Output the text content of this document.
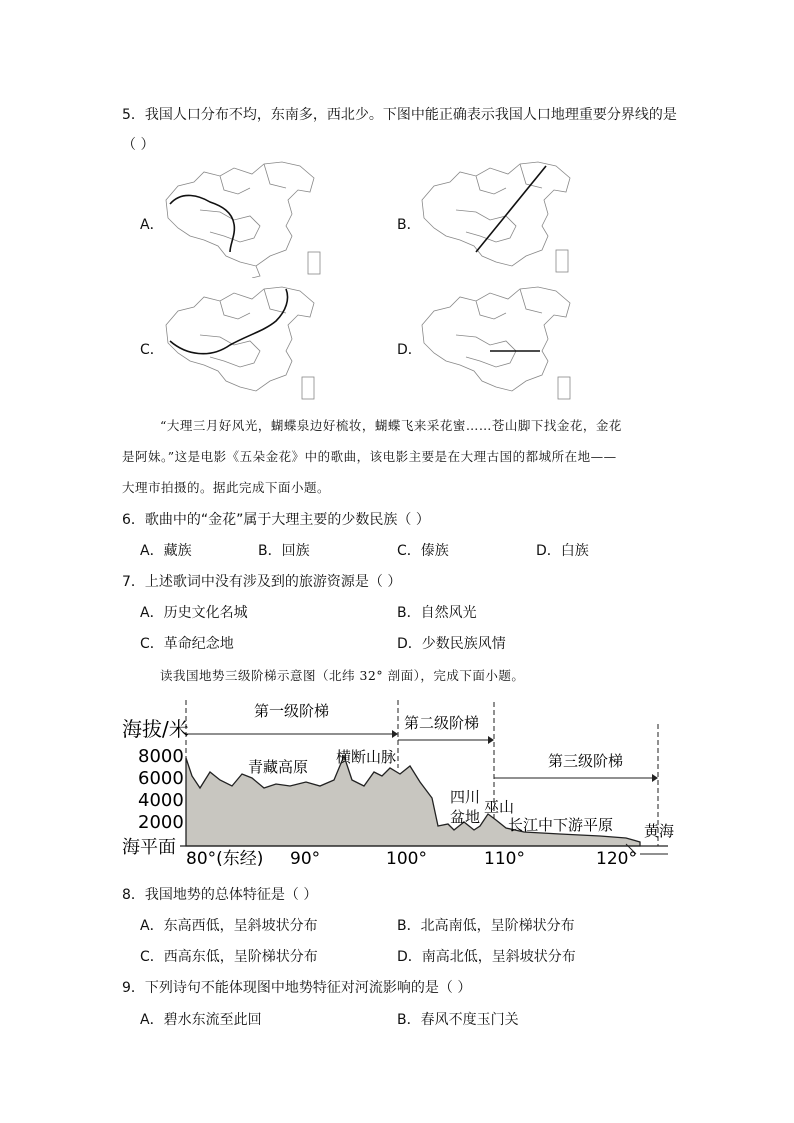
5．我国人口分布不均，东南多，西北少。下图中能正确表示我国人口地理重要分界线的是
（ ）
A．	B．
C．	D．
“大理三月好风光，蝴蝶泉边好梳妆，蝴蝶飞来采花蜜……苍山脚下找金花，金花
是阿妹。”这是电影《五朵金花》中的歌曲，该电影主要是在大理古国的都城所在地——
大理市拍摄的。据此完成下面小题。
6．歌曲中的“金花”属于大理主要的少数民族（ ）
A．藏族	B．回族	C．傣族	D．白族
7．上述歌词中没有涉及到的旅游资源是（ ）
A．历史文化名城	B．自然风光
C．革命纪念地	D．少数民族风情
读我国地势三级阶梯示意图（北纬 32° 剖面），完成下面小题。
第一级阶梯
第二级阶梯
第三级阶梯
海拔/米
8000
6000
4000
2000
海平面
80°(东经) 90°	100°	110°	120°
青藏高原
横断山脉
四川
盆地
巫山
长江中下游平原 黄海
8．我国地势的总体特征是（ ）
A．东高西低，呈斜坡状分布	B．北高南低，呈阶梯状分布
C．西高东低，呈阶梯状分布	D．南高北低，呈斜坡状分布
9．下列诗句不能体现图中地势特征对河流影响的是（ ）
A．碧水东流至此回	B．春风不度玉门关
